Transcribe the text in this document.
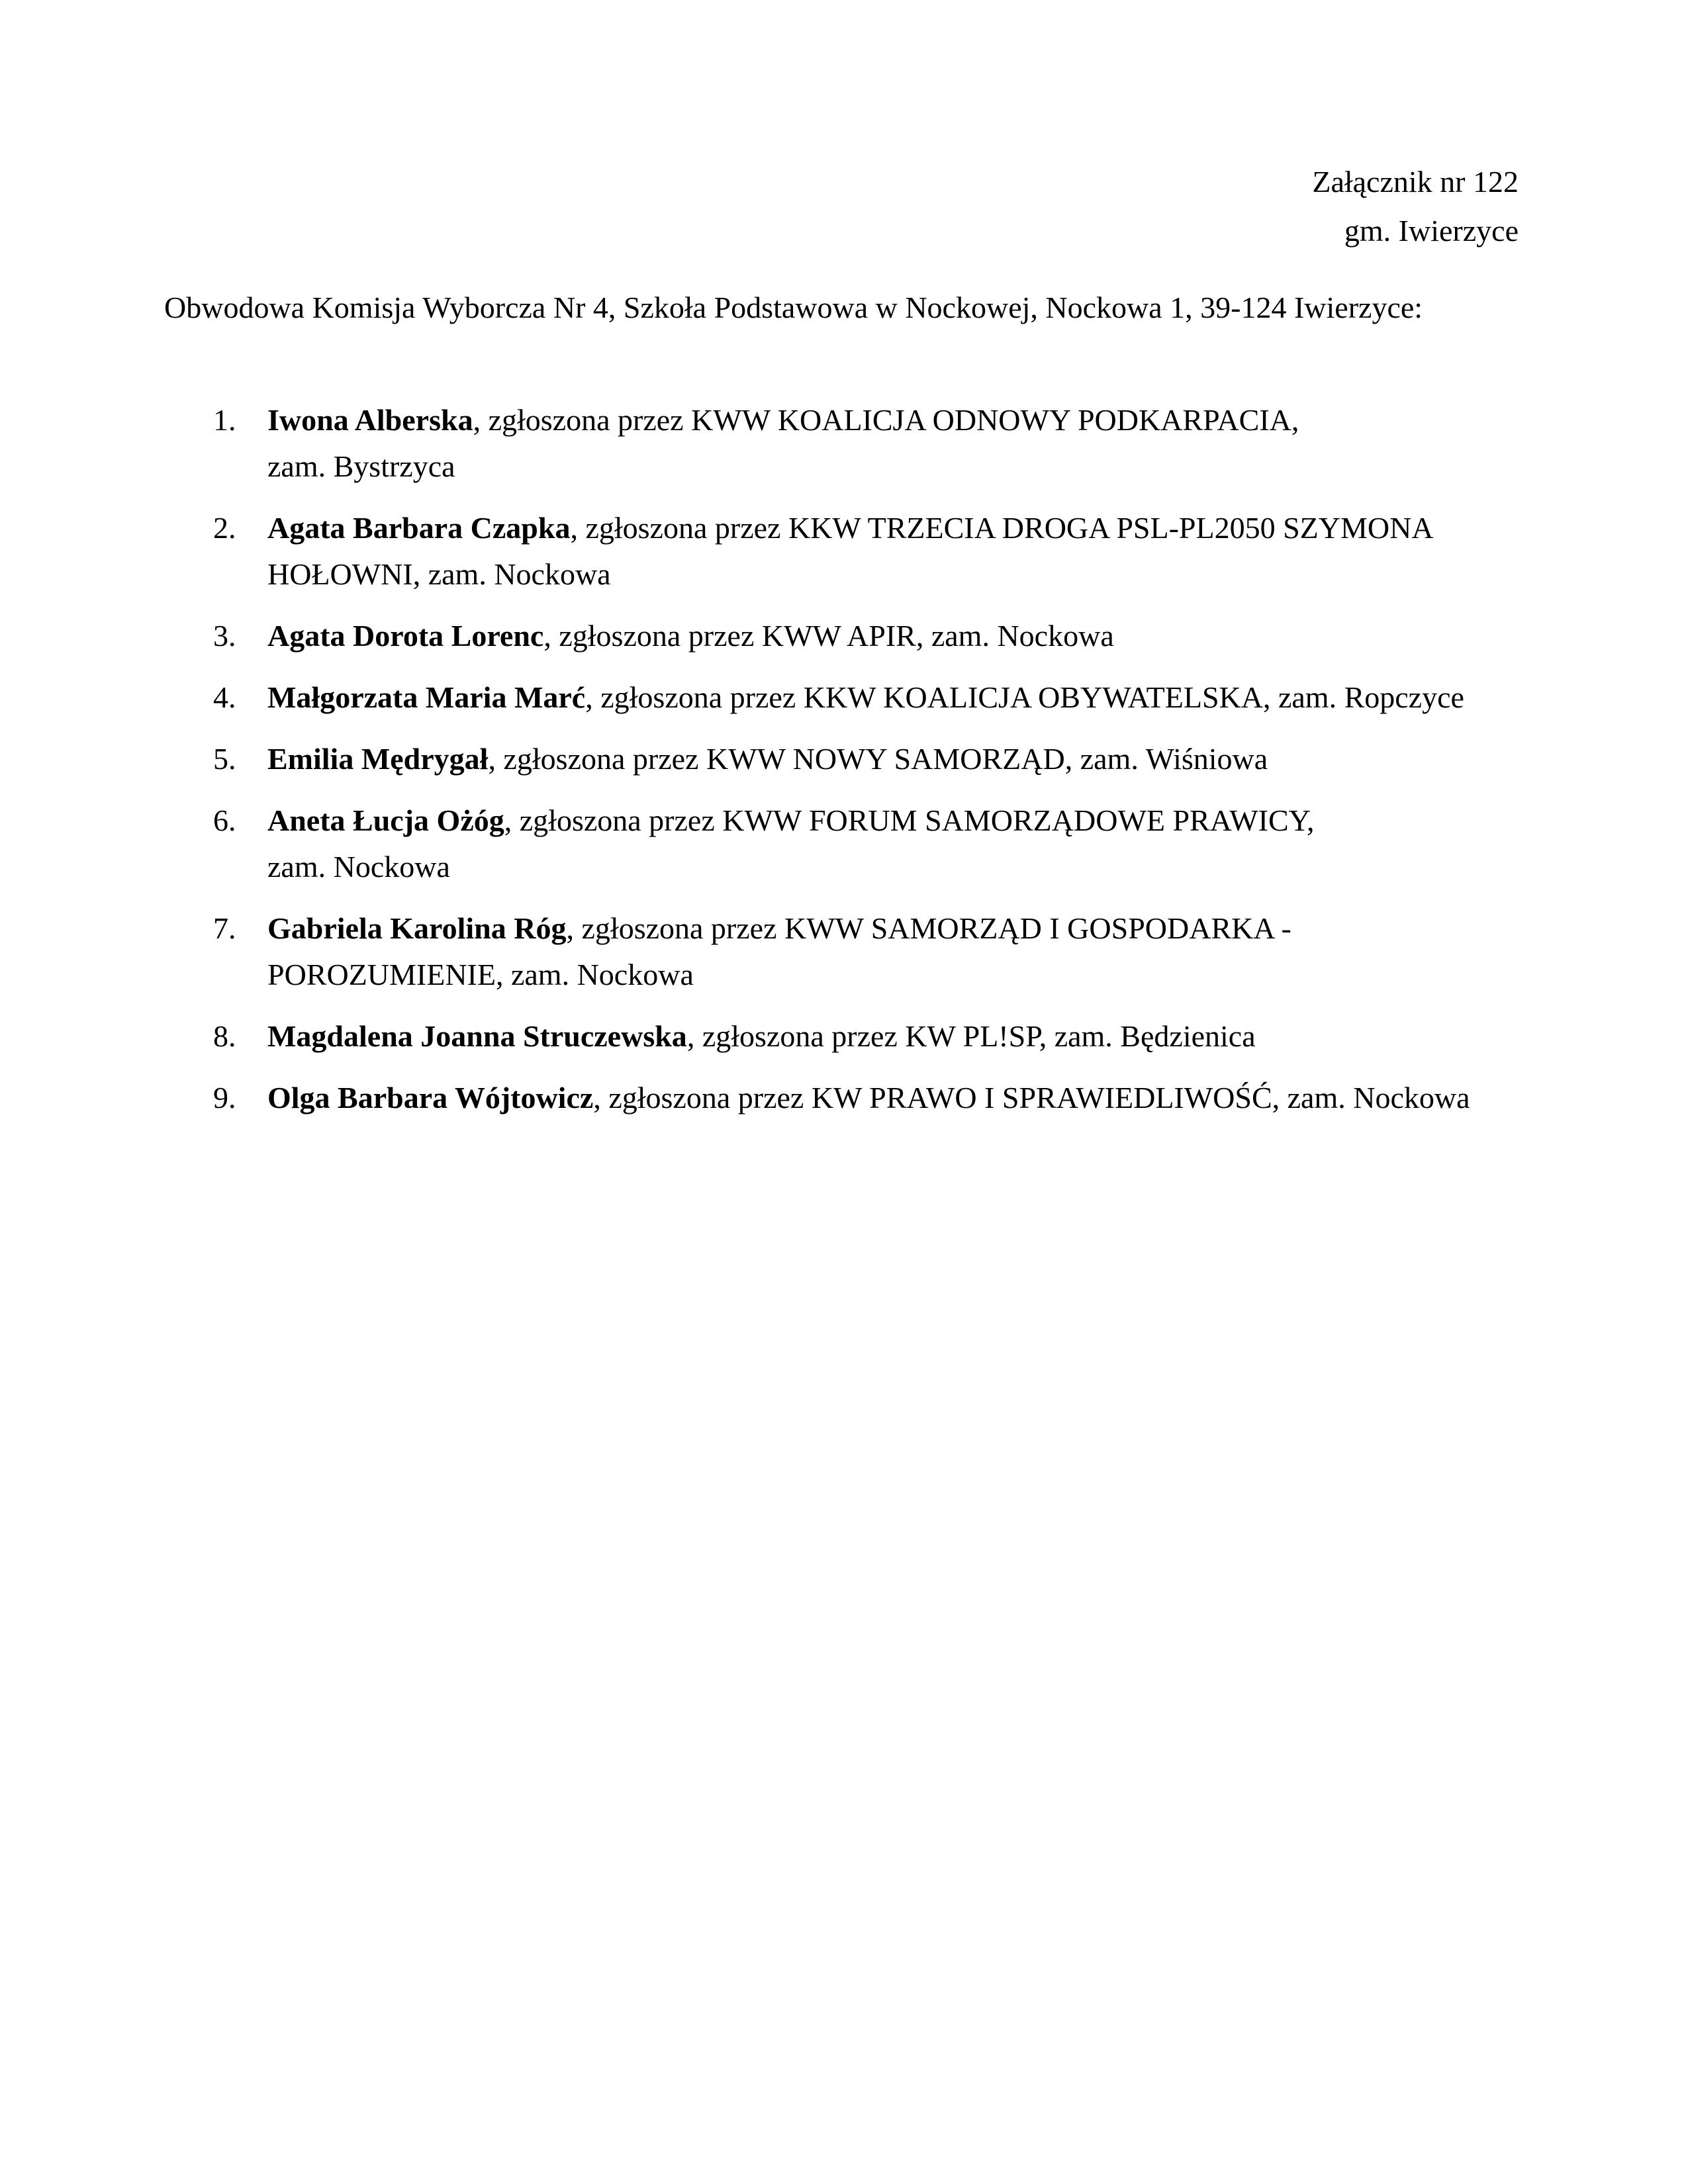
Załącznik nr 122
gm. Iwierzyce
Obwodowa Komisja Wyborcza Nr 4, Szkoła Podstawowa w Nockowej, Nockowa 1, 39-124 Iwierzyce:
1.	Iwona Alberska, zgłoszona przez KWW KOALICJA ODNOWY PODKARPACIA,
zam. Bystrzyca
2.	Agata Barbara Czapka, zgłoszona przez KKW TRZECIA DROGA PSL-PL2050 SZYMONA
HOŁOWNI, zam. Nockowa
3.	Agata Dorota Lorenc, zgłoszona przez KWW APIR, zam. Nockowa
4.	Małgorzata Maria Marć, zgłoszona przez KKW KOALICJA OBYWATELSKA, zam. Ropczyce
5.	Emilia Mędrygał, zgłoszona przez KWW NOWY SAMORZĄD, zam. Wiśniowa
6.	Aneta Łucja Ożóg, zgłoszona przez KWW FORUM SAMORZĄDOWE PRAWICY,
zam. Nockowa
7.	Gabriela Karolina Róg, zgłoszona przez KWW SAMORZĄD I GOSPODARKA -
POROZUMIENIE, zam. Nockowa
8.	Magdalena Joanna Struczewska, zgłoszona przez KW PL!SP, zam. Będzienica
9.	Olga Barbara Wójtowicz, zgłoszona przez KW PRAWO I SPRAWIEDLIWOŚĆ, zam. Nockowa
